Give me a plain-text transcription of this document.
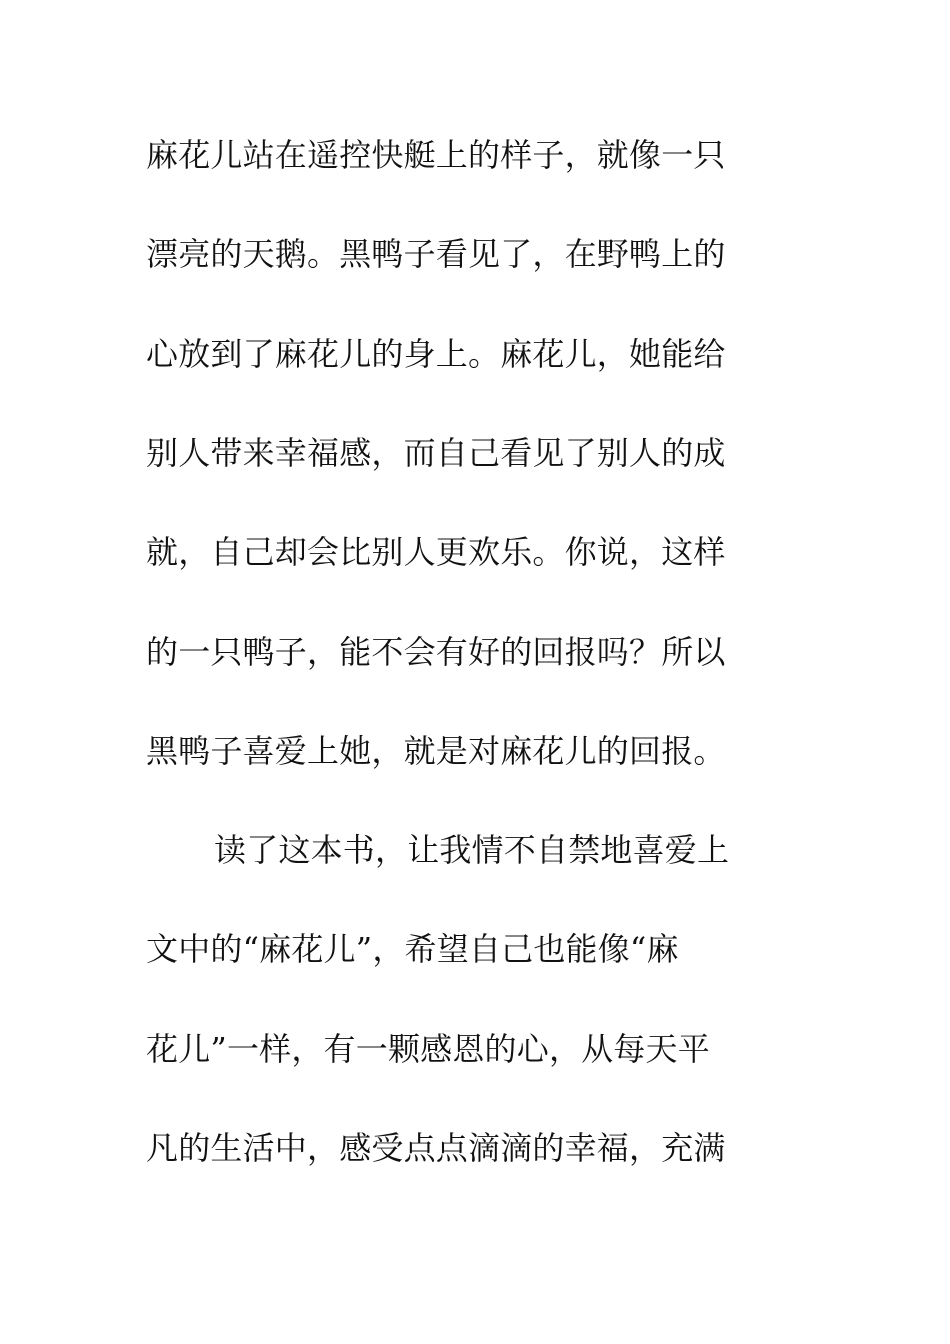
麻花儿站在遥控快艇上的样子，就像一只
漂亮的天鹅。黑鸭子看见了，在野鸭上的
心放到了麻花儿的身上。麻花儿，她能给
别人带来幸福感，而自己看见了别人的成
就，自己却会比别人更欢乐。你说，这样
的一只鸭子，能不会有好的回报吗？所以
黑鸭子喜爱上她，就是对麻花儿的回报。
读了这本书，让我情不自禁地喜爱上
文中的“麻花儿”，希望自己也能像“麻
花儿”一样，有一颗感恩的心，从每天平
凡的生活中，感受点点滴滴的幸福，充满
